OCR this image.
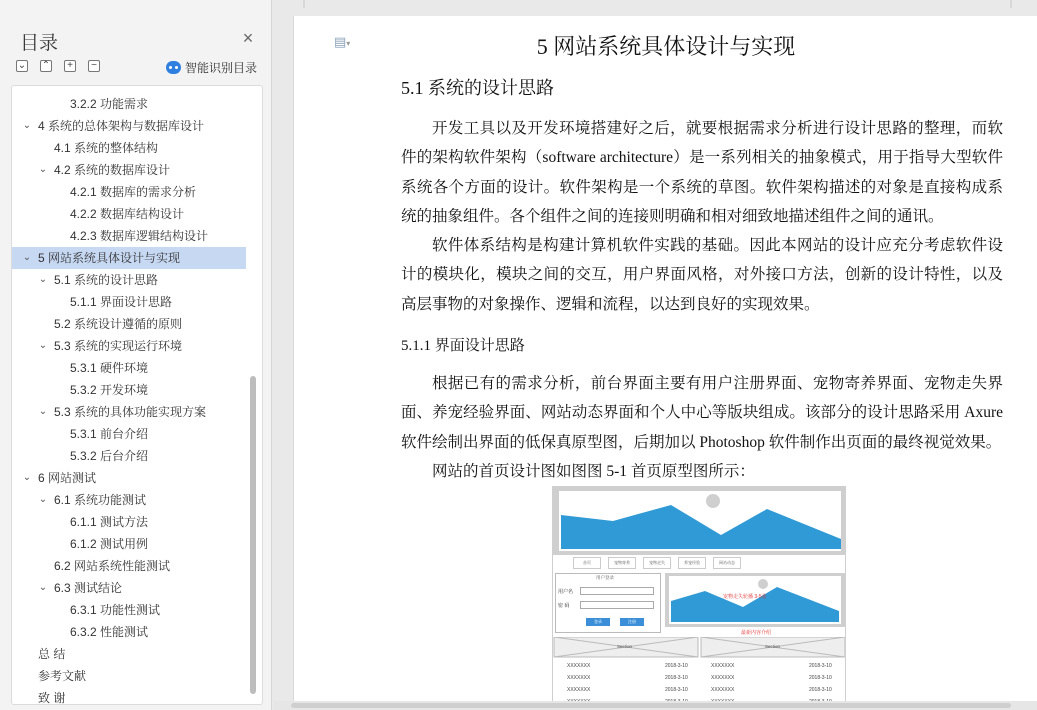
目录	×
⌄ ⌃	+	−	智能识别目录
3.2.2 功能需求
⌄ 4 系统的总体架构与数据库设计
4.1 系统的整体结构
⌄ 4.2 系统的数据库设计
4.2.1 数据库的需求分析
4.2.2 数据库结构设计
4.2.3 数据库逻辑结构设计
⌄ 5 网站系统具体设计与实现
⌄ 5.1 系统的设计思路
5.1.1 界面设计思路
5.2 系统设计遵循的原则
⌄ 5.3 系统的实现运行环境
5.3.1 硬件环境
5.3.2 开发环境
⌄ 5.3 系统的具体功能实现方案
5.3.1 前台介绍
5.3.2 后台介绍
⌄ 6 网站测试
⌄ 6.1 系统功能测试
6.1.1 测试方法
6.1.2 测试用例
6.2 网站系统性能测试
⌄ 6.3 测试结论
6.3.1 功能性测试
6.3.2 性能测试
总 结
参考文献
致 谢
▤▾	5 网站系统具体设计与实现
5.1 系统的设计思路
开发工具以及开发环境搭建好之后，就要根据需求分析进行设计思路的整理，而软件的架构软件架构（software architecture）是一系列相关的抽象模式，用于指导大型软件系统各个方面的设计。软件架构是一个系统的草图。软件架构描述的对象是直接构成系统的抽象组件。各个组件之间的连接则明确和相对细致地描述组件之间的通讯。
软件体系结构是构建计算机软件实践的基础。因此本网站的设计应充分考虑软件设计的模块化，模块之间的交互，用户界面风格，对外接口方法，创新的设计特性，以及高层事物的对象操作、逻辑和流程，以达到良好的实现效果。
5.1.1 界面设计思路
根据已有的需求分析，前台界面主要有用户注册界面、宠物寄养界面、宠物走失界面、养宠经验界面、网站动态界面和个人中心等版块组成。该部分的设计思路采用 Axure 软件绘制出界面的低保真原型图，后期加以 Photoshop 软件制作出页面的最终视觉效果。
网站的首页设计图如图图 5-1 首页原型图所示：
首页	宠物寄养	宠物走失	养宠经验	网站动态
用户登录
用户名
密 码
登录	注册
宠物走失轮播 3-5张
最新内容介绍
Section	Section
XXXXXXX	2018-3-10	XXXXXXX	2018-3-10
XXXXXXX	2018-3-10	XXXXXXX	2018-3-10
XXXXXXX	2018-3-10	XXXXXXX	2018-3-10
